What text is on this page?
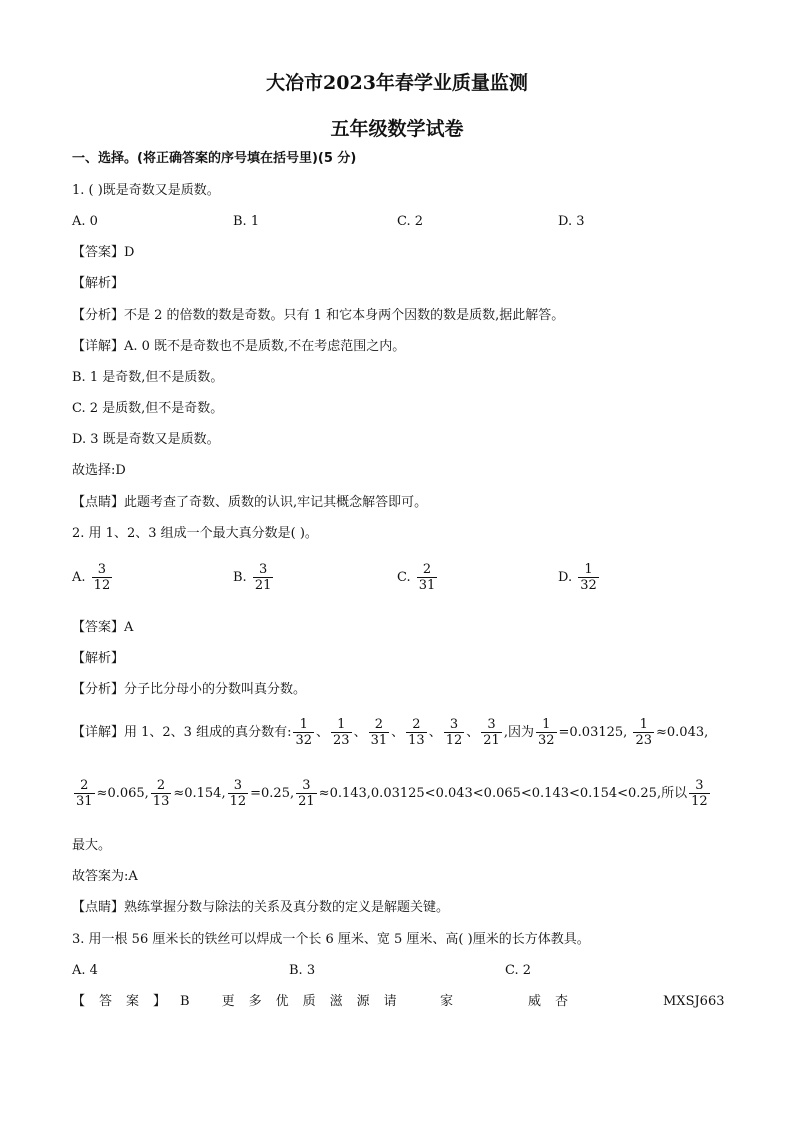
大冶市2023年春学业质量监测
五年级数学试卷
一、选择。(将正确答案的序号填在括号里)(5 分)
1. ( )既是奇数又是质数。
A. 0	B. 1	C. 2	D. 3
【答案】D
【解析】
【分析】不是 2 的倍数的数是奇数。只有 1 和它本身两个因数的数是质数,据此解答。
【详解】A. 0 既不是奇数也不是质数,不在考虑范围之内。
B. 1 是奇数,但不是质数。
C. 2 是质数,但不是奇数。
D. 3 既是奇数又是质数。
故选择:D
【点睛】此题考查了奇数、质数的认识,牢记其概念解答即可。
2. 用 1、2、3 组成一个最大真分数是( )。
A. $\frac{3}{12}$	B. $\frac{3}{21}$	C. $\frac{2}{31}$	D. $\frac{1}{32}$
【答案】A
【解析】
【分析】分子比分母小的分数叫真分数。
【详解】用 1、2、3 组成的真分数有: $\frac{1}{32}$ 、 $\frac{1}{23}$ 、 $\frac{2}{31}$ 、 $\frac{2}{13}$ 、 $\frac{3}{12}$ 、 $\frac{3}{21}$ ,因为 $\frac{1}{32} =0.03125$, $\frac{1}{23} \approx 0.043$,
$\frac{2}{31} \approx 0.065$, $\frac{2}{13} \approx 0.154$, $\frac{3}{12} =0.25$, $\frac{3}{21} \approx 0.143,0.03125<0.043<0.065<0.143<0.154<0.25$,所以 $\frac{3}{12}$
最大。
故答案为:A
【点睛】熟练掌握分数与除法的关系及真分数的定义是解题关键。
3. 用一根 56 厘米长的铁丝可以焊成一个长 6 厘米、宽 5 厘米、高( )厘米的长方体教具。
A. 4	B. 3	C. 2
【答案】 B 更多优质滋源请 家	威杏	MXSJ663
